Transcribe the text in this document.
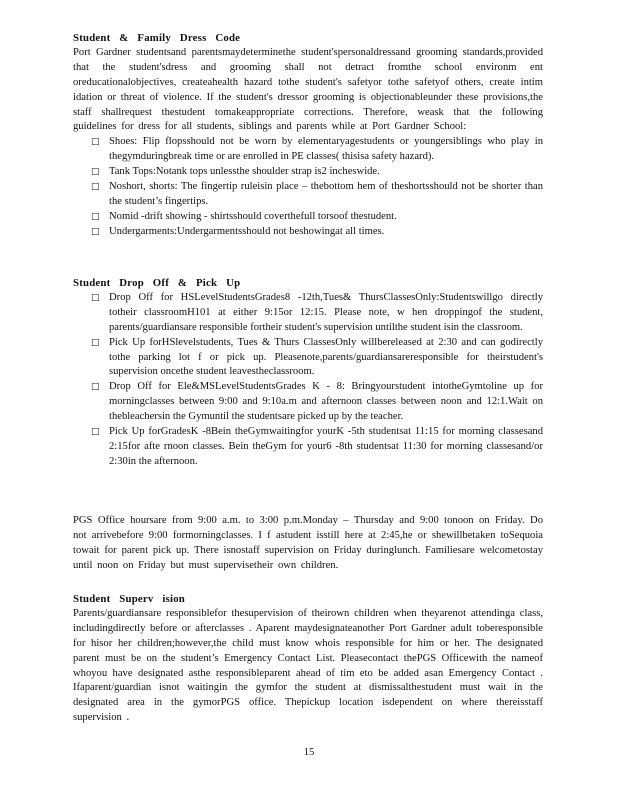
Student & Family Dress Code

Port Gardner studentsand parentsmaydeterminethe student'spersonaldressand grooming standards,provided that the student'sdress and grooming shall not detract fromthe school environm ent oreducationalobjectives, createahealth hazard tothe student's safetyor tothe safetyof others, create intim idation or threat of violence. If the student's dressor grooming is objectionableunder these provisions,the staff shallrequest thestudent tomakeappropriate corrections. Therefore, weask that the following guidelines for dress for all students, siblings and parents while at Port Gardner School:

□ Shoes: Flip flopsshould not be worn by elementaryagestudents or youngersiblings who play in thegymduringbreak time or are enrolled in PE classes( thisisa safety hazard).
□ Tank Tops:Notank tops unlessthe shoulder strap is2 incheswide.
□ Noshort, shorts: The fingertip ruleisin place – thebottom hem of theshortsshould not be shorter than the student’s fingertips.
□ Nomid -drift showing - shirtsshould coverthefull torsoof thestudent.
□ Undergarments:Undergarmentsshould not beshowingat all times.
Student Drop Off & Pick Up
□ Drop Off for HSLevelStudentsGrades8 -12th,Tues& ThursClassesOnly:Studentswillgo directly totheir classroomH101 at either 9:15or 12:15. Please note, w hen droppingof the student, parents/guardiansare responsible fortheir student's supervision untilthe student isin the classroom.
□ Pick Up forHSlevelstudents, Tues & Thurs ClassesOnly willbereleased at 2:30 and can godirectly tothe parking lot f or pick up. Pleasenote,parents/guardiansareresponsible for theirstudent's supervision oncethe student leavestheclassroom.
□ Drop Off for Ele&MSLevelStudentsGrades K - 8: Bringyourstudent intotheGymtoline up for morningclasses between 9:00 and 9:10a.m and afternoon classes between noon and 12:1.Wait on thebleachersin the Gymuntil the studentsare picked up by the teacher.
□ Pick Up forGradesK -8Bein theGymwaitingfor yourK -5th studentsat 11:15 for morning classesand 2:15for afte rnoon classes. Bein theGym for your6 -8th studentsat 11:30 for morning classesand/or 2:30in the afternoon.

PGS Office hoursare from 9:00 a.m. to 3:00 p.m.Monday – Thursday and 9:00 tonoon on Friday. Do not arrivebefore 9:00 formorningclasses. I f astudent isstill here at 2:45,he or shewillbetaken toSequoia towait for parent pick up. There isnostaff supervision on Friday duringlunch. Familiesare welcometostay until noon on Friday but must supervisetheir own children.

Student Superv ision

Parents/guardiansare responsiblefor thesupervision of theirown children when theyarenot attendinga class, includingdirectly before or afterclasses . Aparent maydesignateanother Port Gardner adult toberesponsible for hisor her children;however,the child must know whois responsible for him or her. The designated parent must be on the student’s Emergency Contact List. Pleasecontact thePGS Officewith the nameof whoyou have designated asthe responsibleparent ahead of tim eto be added asan Emergency Contact . Ifaparent/guardian isnot waitingin the gymfor the student at dismissalthestudent must wait in the designated area in the gymorPGS office. Thepickup location isdependent on where thereisstaff supervision .

15
